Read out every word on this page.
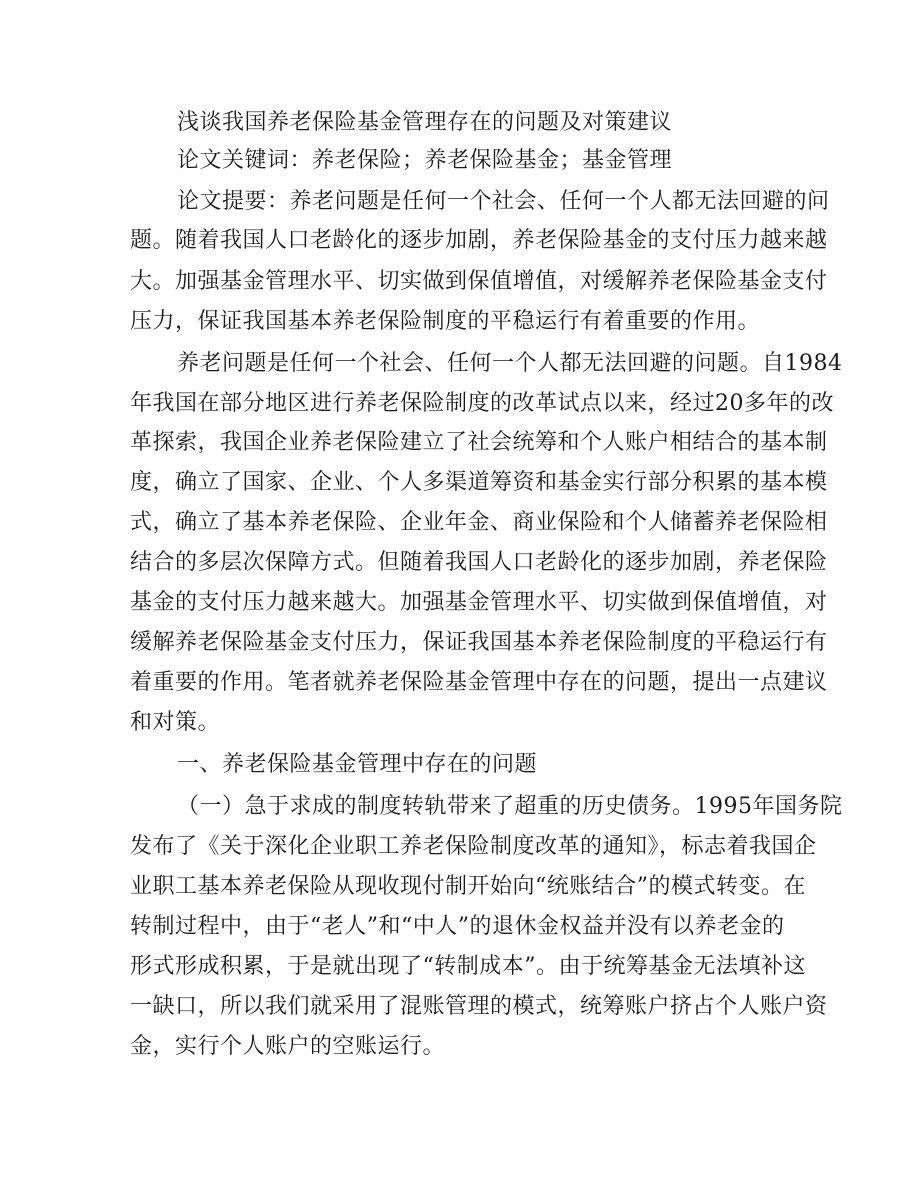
浅谈我国养老保险基金管理存在的问题及对策建议
论文关键词：养老保险；养老保险基金；基金管理
论文提要：养老问题是任何一个社会、任何一个人都无法回避的问
题。随着我国人口老龄化的逐步加剧，养老保险基金的支付压力越来越
大。加强基金管理水平、切实做到保值增值，对缓解养老保险基金支付
压力，保证我国基本养老保险制度的平稳运行有着重要的作用。
养老问题是任何一个社会、任何一个人都无法回避的问题。自1984
年我国在部分地区进行养老保险制度的改革试点以来，经过20多年的改
革探索，我国企业养老保险建立了社会统筹和个人账户相结合的基本制
度，确立了国家、企业、个人多渠道筹资和基金实行部分积累的基本模
式，确立了基本养老保险、企业年金、商业保险和个人储蓄养老保险相
结合的多层次保障方式。但随着我国人口老龄化的逐步加剧，养老保险
基金的支付压力越来越大。加强基金管理水平、切实做到保值增值，对
缓解养老保险基金支付压力，保证我国基本养老保险制度的平稳运行有
着重要的作用。笔者就养老保险基金管理中存在的问题，提出一点建议
和对策。
一、养老保险基金管理中存在的问题
（一）急于求成的制度转轨带来了超重的历史债务。1995年国务院
发布了《关于深化企业职工养老保险制度改革的通知》，标志着我国企
业职工基本养老保险从现收现付制开始向“统账结合”的模式转变。在
转制过程中，由于“老人”和“中人”的退休金权益并没有以养老金的
形式形成积累，于是就出现了“转制成本”。由于统筹基金无法填补这
一缺口，所以我们就采用了混账管理的模式，统筹账户挤占个人账户资
金，实行个人账户的空账运行。
